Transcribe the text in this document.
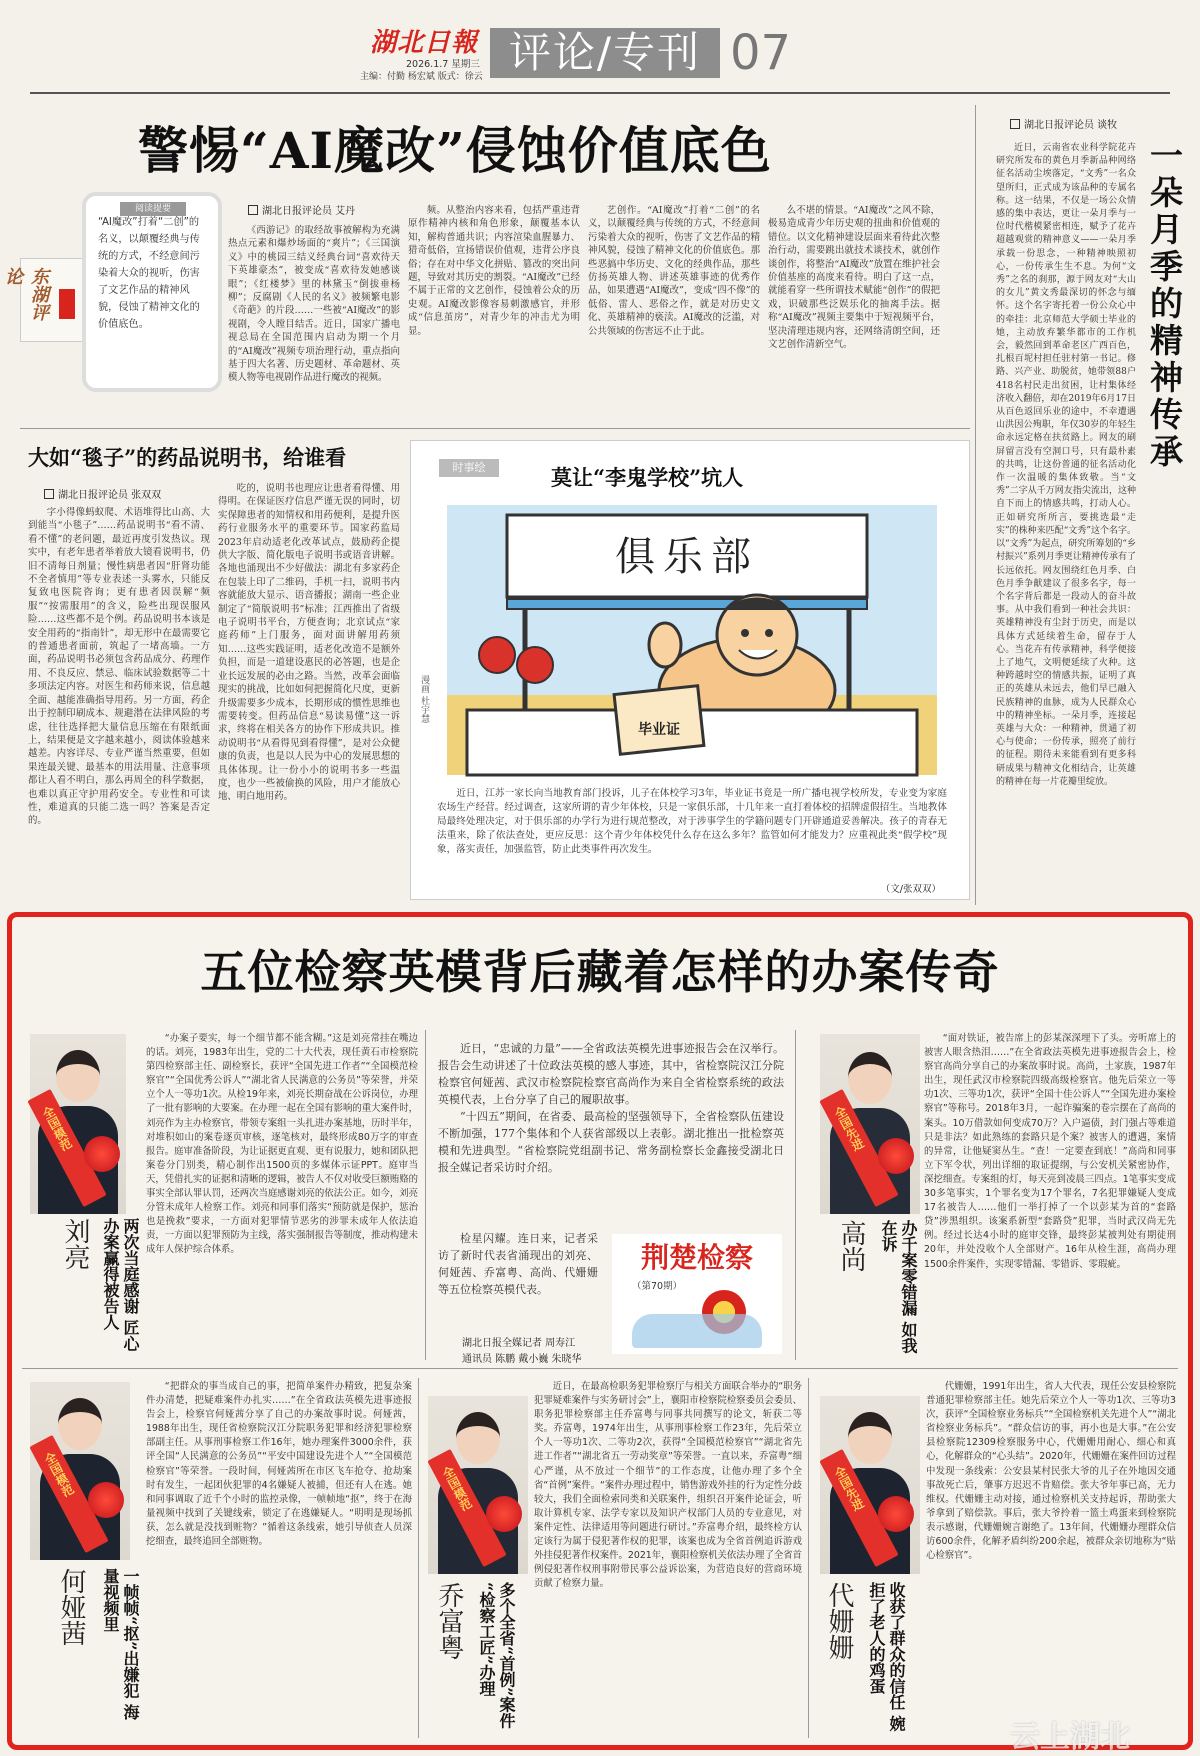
湖北日報
2026.1.7 星期三
主编：付勤 杨宏斌 版式：徐云 评论/专刊 07
警惕“AI魔改”侵蚀价值底色
东湖评论
阅读提要
“AI魔改”打着“二创”的名义，以颠覆经典与传统的方式，不经意间污染着大众的视听，伤害了文艺作品的精神风貌，侵蚀了精神文化的价值底色。
湖北日报评论员 艾丹

《西游记》的取经故事被解构为充满热点元素和爆炒场面的“爽片”；《三国演义》中的桃园三结义经典台词“喜欢待天下英雄豪杰”，被变成“喜欢待发她感谈眼”；《红楼梦》里的林黛玉“倒拔垂杨柳”；反腐剧《人民的名义》被频繁电影《奇葩》的片段……一些被“AI魔改”的影视剧，令人瞠目结舌。近日，国家广播电视总局在全国范围内启动为期一个月的“AI魔改”视频专项治理行动，重点指向基于四大名著、历史题材、革命题材、英模人物等电视剧作品进行魔改的视频。

频。从整治内容来看，包括严重违背原作精神内核和角色形象，颠覆基本认知，解构普通共识；内容渲染血腥暴力、猎奇低俗，宣扬错误价值观，违背公序良俗；存在对中华文化拼贴、篡改的突出问题，导致对其历史的割裂。“AI魔改”已经不属于正常的文艺创作，侵蚀着公众的历史观。AI魔改影像容易刺激感官，并形成“信息茧房”，对青少年的冲击尤为明显。

艺创作。“AI魔改”打着“二创”的名义，以颠覆经典与传统的方式，不经意间污染着大众的视听，伤害了文艺作品的精神风貌，侵蚀了精神文化的价值底色。那些恶搞中华历史、文化的经典作品，那些仿扬英雄人物、讲述英雄事迹的优秀作品，如果遭遇“AI魔改”，变成“四不像”的低俗、雷人、恶俗之作，就是对历史文化、英雄精神的亵渎。AI魔改的泛滥，对公共领域的伤害远不止于此。

么不堪的情景。“AI魔改”之风不除，极易造成青少年历史观的扭曲和价值观的错位。以文化精神建设层面来看待此次整治行动，需要跳出就技术谈技术，就创作谈创作，将整治“AI魔改”放置在维护社会价值基座的高度来看待。明白了这一点，就能看穿一些所谓技术赋能“创作”的假把戏，识破那些泛娱乐化的抽离手法。据称“AI魔改”视频主要集中于短视频平台，坚决清理违规内容，还网络清朗空间，还文艺创作清新空气。

湖北日报评论员 谈牧
一朵月季的精神传承

近日，云南省农业科学院花卉研究所发布的黄色月季新品种网络征名活动尘埃落定，“文秀”一名众望所归，正式成为该品种的专属名称。这一结果，不仅是一场公众情感的集中表达，更让一朵月季与一位时代楷模紧密相连，赋予了花卉超越观赏的精神意义——一朵月季承载一份思念，一种精神映照初心，一份传承生生不息。为何“文秀”之名的刹那，源于网友对“大山的女儿”黄文秀最深切的怀念与缅怀。这个名字寄托着一份公众心中的牵挂：北京师范大学硕士毕业的她，主动放弃繁华都市的工作机会，毅然回到革命老区广西百色，扎根百坭村担任驻村第一书记。修路、兴产业、助脱贫，她带领88户418名村民走出贫困，让村集体经济收入翻倍，却在2019年6月17日从百色返回乐业的途中，不幸遭遇山洪因公殉职，年仅30岁的年轻生命永远定格在扶贫路上。网友的刷屏留言没有空洞口号，只有最朴素的共鸣，让这份普通的征名活动化作一次温暖的集体致敬。当“文秀”二字从千万网友指尖流出，这种自下而上的情感共鸣，打动人心。正如研究所所言，要挑选最“走实”的株种来匹配“文秀”这个名字。以“文秀”为起点，研究所筹划的“乡村振兴”系列月季更让精神传承有了长远依托。网友围绕红色月季、白色月季争献建议了很多名字，每一个名字背后都是一段动人的奋斗故事。从中我们看到一种社会共识：英雄精神没有尘封于历史，而是以具体方式延续着生命，留存于人心。当花卉有传承精神，科学便接上了地气，文明便延续了火种。这种跨越时空的情感共振，证明了真正的英雄从未远去，他们早已融入民族精神的血脉，成为人民群众心中的精神坐标。一朵月季，连接起英雄与大众：一种精神，贯通了初心与使命；一份传承，照亮了前行的征程。期待未来能看到有更多科研成果与精神文化相结合，让英雄的精神在每一片花瓣里绽放。

大如“毯子”的药品说明书，给谁看
湖北日报评论员 张双双

字小得像蚂蚁爬、术语堆得比山高、大到能当“小毯子”……药品说明书“看不清、看不懂”的老问题，最近再度引发热议。现实中，有老年患者举着放大镜看说明书，仍旧不清每日剂量；慢性病患者因“肝肾功能不全者慎用”等专业表述一头雾水，只能反复致电医院咨询；更有患者因误解“频服”“按需服用”的含义，险些出现误服风险……这些都不是个例。药品说明书本该是安全用药的“指南针”，却无形中在最需要它的普通患者面前，筑起了一堵高墙。一方面，药品说明书必须包含药品成分、药理作用、不良反应、禁忌、临床试验数据等二十多项法定内容。对医生和药师来说，信息越全面、越能准确指导用药。另一方面，药企出于控制印刷成本、规避潜在法律风险的考虑，往往选择把大量信息压缩在有限纸面上，结果便是文字越来越小，阅读体验越来越差。内容详尽、专业严谨当然重要，但如果连最关键、最基本的用法用量、注意事项都让人看不明白，那么再周全的科学数据，也难以真正守护用药安全。专业性和可读性，难道真的只能二选一吗？答案是否定的。

吃的，说明书也理应让患者看得懂、用得明。在保证医疗信息严谨无误的同时，切实保障患者的知情权和用药便利，是提升医药行业服务水平的重要环节。国家药监局2023年启动适老化改革试点，鼓励药企提供大字版、简化版电子说明书或语音讲解。各地也涌现出不少好做法：湖北有多家药企在包装上印了二维码，手机一扫，说明书内容就能放大显示、语音播报；湖南一些企业制定了“简版说明书”标准；江西推出了省级电子说明书平台，方便查询；北京试点“家庭药师”上门服务，面对面讲解用药须知……这些实践证明，适老化改造不是额外负担，而是一道建设惠民的必答题，也是企业长远发展的必由之路。当然，改革会面临现实的挑战，比如如何把握简化尺度，更新升级需要多少成本，长期形成的惯性思维也需要转变。但药品信息“易读易懂”这一诉求，终将在相关各方的协作下形成共识。推动说明书“从看得见到看得懂”，是对公众健康的负责，也是以人民为中心的发展思想的具体体现。让一份小小的说明书多一些温度，也少一些被偷换的风险，用户才能放心地、明白地用药。

时事绘	莫让“李鬼学校”坑人
俱乐部
毕业证
漫画 杜宇慧

近日，江苏一家长向当地教育部门投诉，儿子在体校学习3年，毕业证书竟是一所广播电视学校所发，专业变为家庭农场生产经营。经过调查，这家所谓的青少年体校，只是一家俱乐部，十几年来一直打着体校的招牌虚假招生。当地教体局最终处理决定，对于俱乐部的办学行为进行规范整改，对于涉事学生的学籍问题专门开辟通道妥善解决。孩子的青春无法重来，除了依法查处，更应反思：这个青少年体校凭什么存在这么多年？监管如何才能发力？应重视此类“假学校”现象，落实责任，加强监管，防止此类事件再次发生。

（文/张双双）
五位检察英模背后藏着怎样的办案传奇

近日，“忠诚的力量”——全省政法英模先进事迹报告会在汉举行。报告会生动讲述了十位政法英模的感人事迹，其中，省检察院汉江分院检察官何娅茜、武汉市检察院检察官高尚作为来自全省检察系统的政法英模代表，上台分享了自己的履职故事。

“十四五”期间，在省委、最高检的坚强领导下，全省检察队伍建设不断加强，177个集体和个人获省部级以上表彰。湖北推出一批检察英模和先进典型。“省检察院党组副书记、常务副检察长金鑫接受湖北日报全媒记者采访时介绍。

检星闪耀。连日来，记者采访了新时代表省涌现出的刘亮、何娅茜、乔富粤、高尚、代姗姗等五位检察英模代表。

湖北日报全媒记者 周寿江
通讯员 陈鹏 戴小巍 朱晓华
荆楚检察
（第70期）
全国模范
刘亮	两次当庭感谢 匠心办案赢得被告人

“办案子要实，每一个细节都不能含糊。”这是刘亮常挂在嘴边的话。刘亮，1983年出生，党的二十大代表，现任黄石市检察院第四检察部主任、副检察长，获评“全国先进工作者”“全国模范检察官”“全国优秀公诉人”“湖北省人民满意的公务员”等荣誉，并荣立个人一等功1次。从检19年来，刘亮长期奋战在公诉岗位，办理了一批有影响的大要案。在办理一起在全国有影响的重大案件时，刘亮作为主办检察官，带领专案组一头扎进办案基地，历时半年，对堆积如山的案卷逐页审核，逐笔核对，最终形成80万字的审查报告。庭审准备阶段，为让证据更直观、更有说服力，她和团队把案卷分门别类，精心制作出1500页的多媒体示证PPT。庭审当天，凭借扎实的证据和清晰的逻辑，被告人不仅对收受巨额贿赂的事实全部认罪认罚，还两次当庭感谢刘亮的依法公正。如今，刘亮分管未成年人检察工作。刘亮和同事们落实“预防就是保护，惩治也是挽救”要求，一方面对犯罪情节恶劣的涉罪未成年人依法追责，一方面以犯罪预防为主线，落实强制报告等制度，推动构建未成年人保护综合体系。

全国先进
高尚	办千案零错漏 如我在诉

“面对铁证，被告席上的彭某深深埋下了头。旁听席上的被害人眼含热泪……”在全省政法英模先进事迹报告会上，检察官高尚分享自己的办案故事时说。高尚，土家族，1987年出生，现任武汉市检察院四级高级检察官。他先后荣立一等功1次、三等功1次，获评“全国十佳公诉人”“全国先进办案检察官”等称号。2018年3月，一起诈骗案的卷宗摆在了高尚的案头。10万借款如何变成70万？入户逼债，封门强占等难道只是非法？如此熟练的套路只是个案？被害人的遭遇，案情的异常，让他疑窦丛生。“查！一定要查到底！”高尚和同事立下军令状，列出详细的取证提纲，与公安机关紧密协作，深挖细查。专案组的灯，每天亮到凌晨三四点。1笔事实变成30多笔事实，1个罪名变为17个罪名，7名犯罪嫌疑人变成17名被告人……他们一举打掉了一个以彭某为首的“套路贷”涉黑组织。该案系新型“套路贷”犯罪，当时武汉尚无先例。经过长达4小时的庭审交锋，最终彭某被判处有期徒刑20年，并处没收个人全部财产。16年从检生涯，高尚办理1500余件案件，实现零错漏、零错诉、零瑕疵。

全国模范
何娅茜	一帧帧“抠”出嫌犯 海量视频里

“把群众的事当成自己的事，把简单案件办精致，把复杂案件办清楚，把疑难案件办扎实……”在全省政法英模先进事迹报告会上，检察官何娅茜分享了自己的办案故事时说。何娅茜，1988年出生，现任省检察院汉江分院职务犯罪和经济犯罪检察部副主任。从事刑事检察工作16年，她办理案件3000余件，获评全国“人民满意的公务员”“平安中国建设先进个人”“全国模范检察官”等荣誉。一段时间，何娅茜所在市区飞车抢夺、抢劫案时有发生，一起团伙犯罪的4名嫌疑人被捕，但还有人在逃。她和同事调取了近千个小时的监控录像，一帧帧地“抠”，终于在海量视频中找到了关键线索，锁定了在逃嫌疑人。“明明是现场抓获，怎么就是没找到赃物？”循着这条线索，她引导侦查人员深挖细查，最终追回全部赃物。

全国模范
乔富粤	多个全省“首例”案件 “检察工匠”办理

近日，在最高检职务犯罪检察厅与相关方面联合举办的“职务犯罪疑难案件与实务研讨会”上，襄阳市检察院检察委员会委员、职务犯罪检察部主任乔富粤与同事共同撰写的论文，斩获二等奖。乔富粤，1974年出生，从事刑事检察工作23年，先后荣立个人一等功1次、二等功2次，获得“全国模范检察官”“湖北省先进工作者”“湖北省五一劳动奖章”等荣誉。一直以来，乔富粤“细心严谨，从不放过一个细节”的工作态度，让他办理了多个全省“首例”案件。“案件办理过程中，销售游戏外挂的行为定性分歧较大，我们全面检索同类和关联案件，组织召开案件论证会，听取计算机专家、法学专家以及知识产权部门人员的专业意见，对案件定性、法律适用等问题进行研讨。”乔富粤介绍，最终检方认定该行为属于侵犯著作权的犯罪，该案也成为全省首例追诉游戏外挂侵犯著作权案件。2021年，襄阳检察机关依法办理了全省首例侵犯著作权刑事附带民事公益诉讼案，为营造良好的营商环境贡献了检察力量。

全国先进
代姗姗	收获了群众的信任 婉拒了老人的鸡蛋

代姗姗，1991年出生，省人大代表，现任公安县检察院普通犯罪检察部主任。她先后荣立个人一等功1次、三等功3次，获评“全国检察业务标兵”“全国检察机关先进个人”“湖北省检察业务标兵”。“群众信访的事，再小也是大事。”在公安县检察院12309检察服务中心，代姗姗用耐心、细心和真心，化解群众的“心头结”。2020年，代姗姗在案件回访过程中发现一条线索：公安县某村民张大爷的儿子在外地因交通事故死亡后，肇事方迟迟不肯赔偿。张大爷年事已高，无力维权。代姗姗主动对接，通过检察机关支持起诉，帮助张大爷拿到了赔偿款。事后，张大爷拎着一篮土鸡蛋来到检察院表示感谢，代姗姗婉言谢绝了。13年间，代姗姗办理群众信访600余件，化解矛盾纠纷200余起，被群众亲切地称为“贴心检察官”。

云上湖北
